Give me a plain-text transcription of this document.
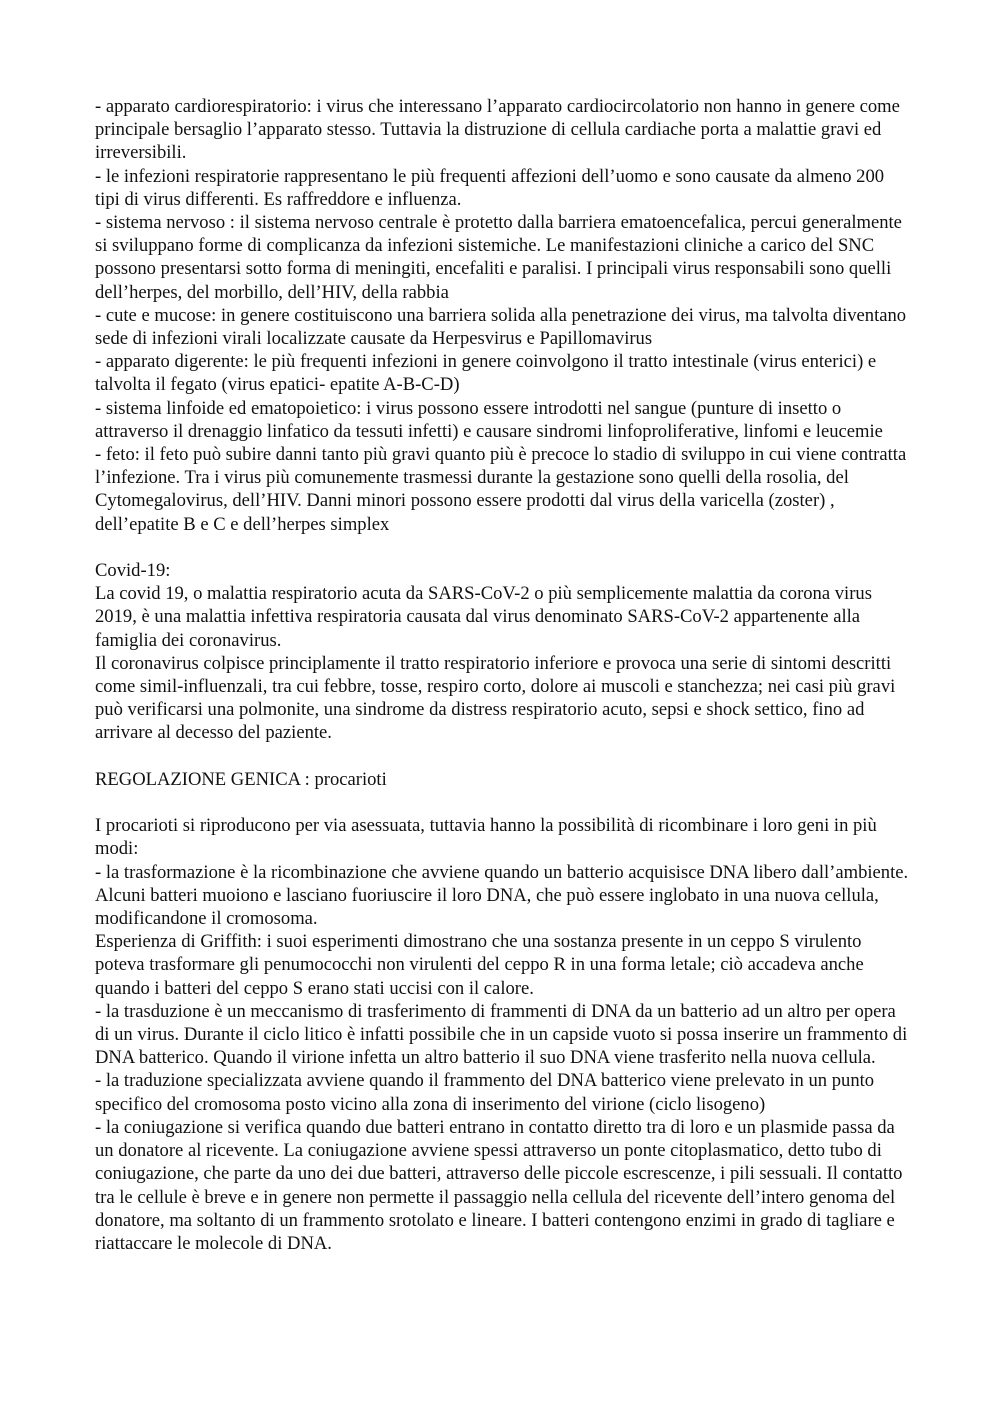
- apparato cardiorespiratorio: i virus che interessano l’apparato cardiocircolatorio non hanno in genere come principale bersaglio l’apparato stesso. Tuttavia la distruzione di cellula cardiache porta a malattie gravi ed irreversibili.

- le infezioni respiratorie rappresentano le più frequenti affezioni dell’uomo e sono causate da almeno 200 tipi di virus differenti. Es raffreddore e influenza.

- sistema nervoso : il sistema nervoso centrale è protetto dalla barriera ematoencefalica, percui generalmente si sviluppano forme di complicanza da infezioni sistemiche. Le manifestazioni cliniche a carico del SNC possono presentarsi sotto forma di meningiti, encefaliti e paralisi. I principali virus responsabili sono quelli dell’herpes, del morbillo, dell’HIV, della rabbia

- cute e mucose: in genere costituiscono una barriera solida alla penetrazione dei virus, ma talvolta diventano sede di infezioni virali localizzate causate da Herpesvirus e Papillomavirus

- apparato digerente: le più frequenti infezioni in genere coinvolgono il tratto intestinale (virus enterici) e talvolta il fegato (virus epatici- epatite A-B-C-D)

- sistema linfoide ed ematopoietico: i virus possono essere introdotti nel sangue (punture di insetto o attraverso il drenaggio linfatico da tessuti infetti) e causare sindromi linfoproliferative, linfomi e leucemie

- feto: il feto può subire danni tanto più gravi quanto più è precoce lo stadio di sviluppo in cui viene contratta l’infezione. Tra i virus più comunemente trasmessi durante la gestazione sono quelli della rosolia, del Cytomegalovirus, dell’HIV. Danni minori possono essere prodotti dal virus della varicella (zoster) , dell’epatite B e C e dell’herpes simplex

Covid-19:

La covid 19, o malattia respiratorio acuta da SARS-CoV-2 o più semplicemente malattia da corona virus 2019, è una malattia infettiva respiratoria causata dal virus denominato SARS-CoV-2 appartenente alla famiglia dei coronavirus.

Il coronavirus colpisce principlamente il tratto respiratorio inferiore e provoca una serie di sintomi descritti come simil-influenzali, tra cui febbre, tosse, respiro corto, dolore ai muscoli e stanchezza; nei casi più gravi può verificarsi una polmonite, una sindrome da distress respiratorio acuto, sepsi e shock settico, fino ad arrivare al decesso del paziente.

REGOLAZIONE GENICA : procarioti

I procarioti si riproducono per via asessuata, tuttavia hanno la possibilità di ricombinare i loro geni in più modi:

- la trasformazione è la ricombinazione che avviene quando un batterio acquisisce DNA libero dall’ambiente. Alcuni batteri muoiono e lasciano fuoriuscire il loro DNA, che può essere inglobato in una nuova cellula, modificandone il cromosoma.

Esperienza di Griffith: i suoi esperimenti dimostrano che una sostanza presente in un ceppo S virulento poteva trasformare gli penumococchi non virulenti del ceppo R in una forma letale; ciò accadeva anche quando i batteri del ceppo S erano stati uccisi con il calore.

- la trasduzione è un meccanismo di trasferimento di frammenti di DNA da un batterio ad un altro per opera di un virus. Durante il ciclo litico è infatti possibile che in un capside vuoto si possa inserire un frammento di DNA batterico. Quando il virione infetta un altro batterio il suo DNA viene trasferito nella nuova cellula.

- la traduzione specializzata avviene quando il frammento del DNA batterico viene prelevato in un punto specifico del cromosoma posto vicino alla zona di inserimento del virione (ciclo lisogeno)

- la coniugazione si verifica quando due batteri entrano in contatto diretto tra di loro e un plasmide passa da un donatore al ricevente. La coniugazione avviene spessi attraverso un ponte citoplasmatico, detto tubo di coniugazione, che parte da uno dei due batteri, attraverso delle piccole escrescenze, i pili sessuali. Il contatto tra le cellule è breve e in genere non permette il passaggio nella cellula del ricevente dell’intero genoma del donatore, ma soltanto di un frammento srotolato e lineare. I batteri contengono enzimi in grado di tagliare e riattaccare le molecole di DNA.
